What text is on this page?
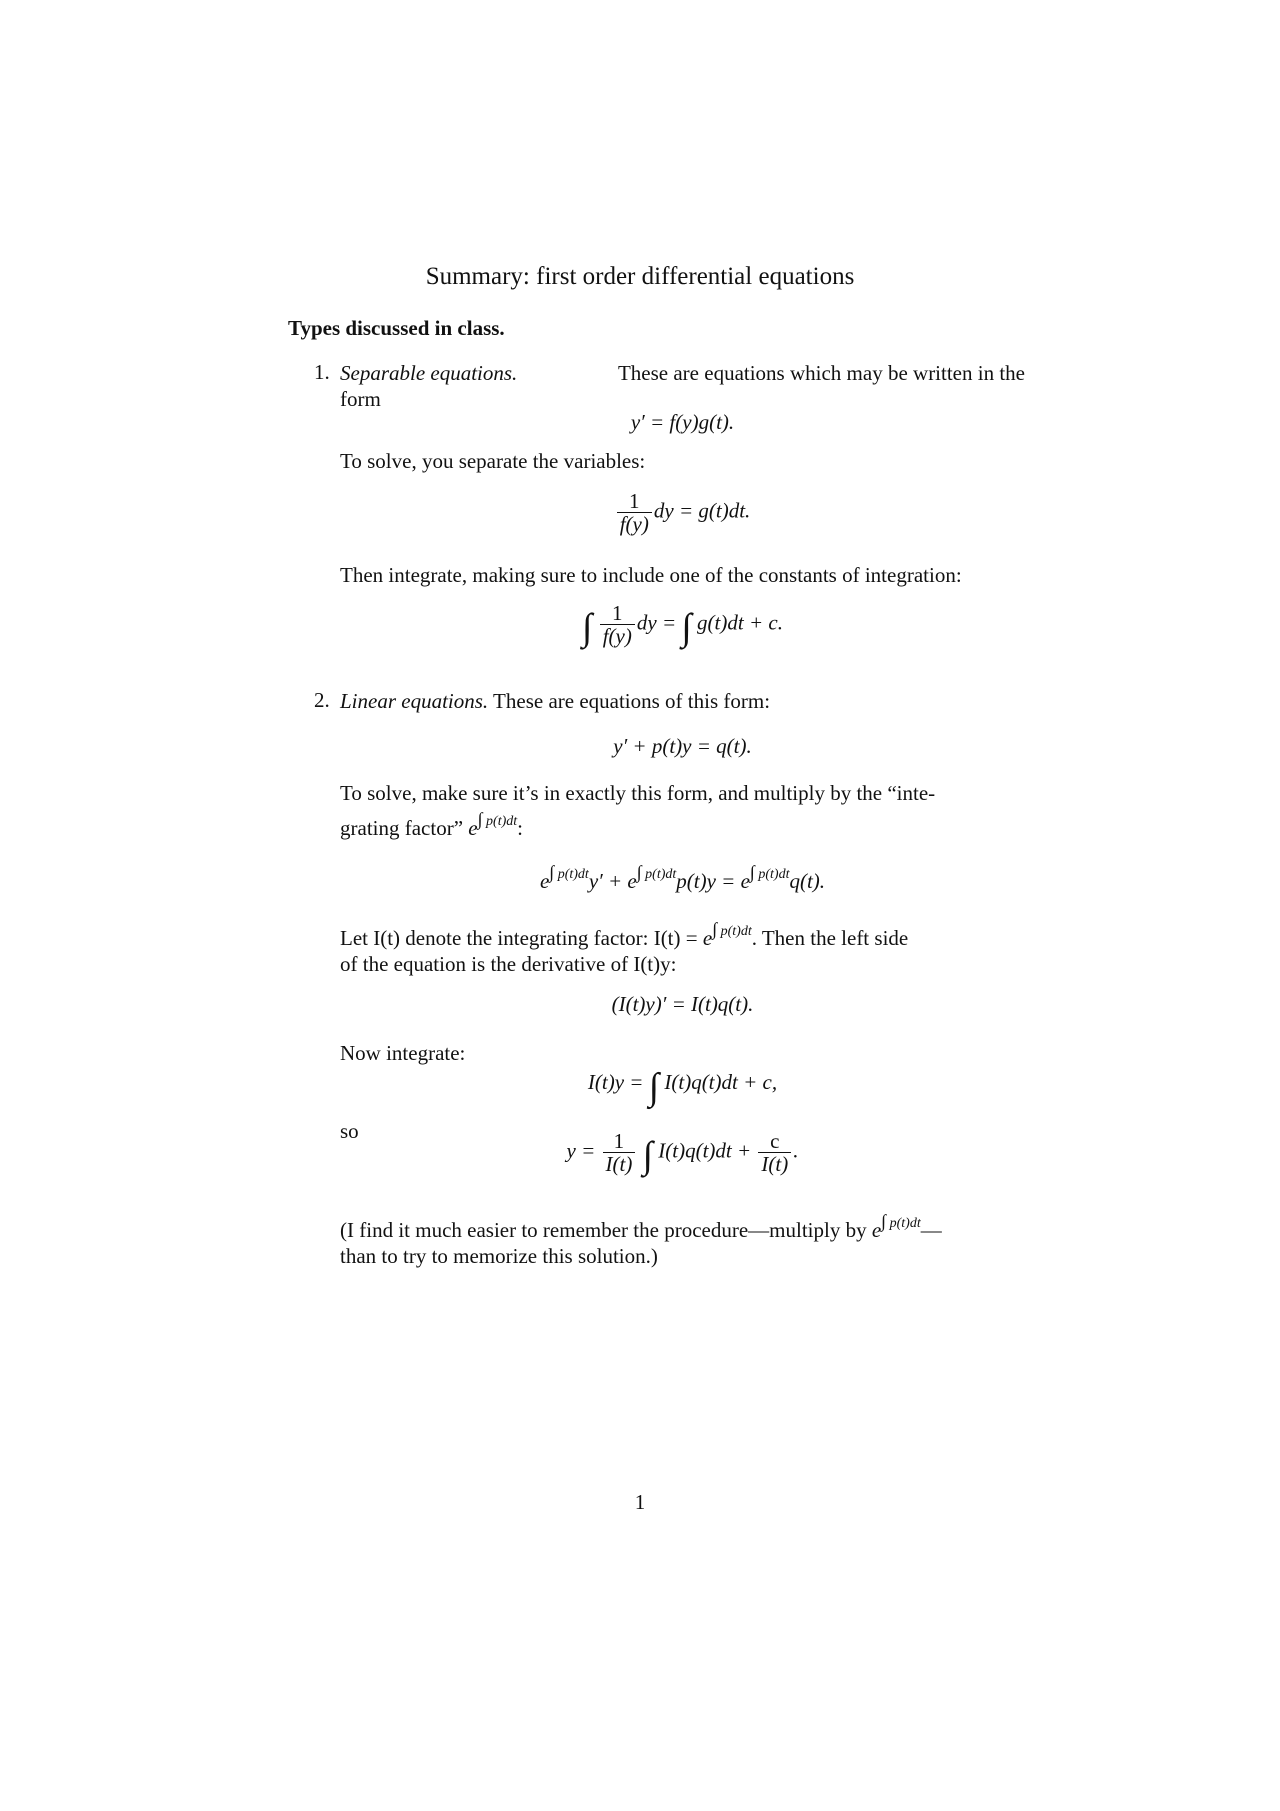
Summary: first order differential equations
Types discussed in class.
1. Separable equations.	These are equations which may be written in the
form
y′ = f(y)g(t).
To solve, you separate the variables:
$\frac{1}{f(y)}$ dy = g(t)dt.
Then integrate, making sure to include one of the constants of integration:
∫ $\frac{1}{f(y)}$ dy = ∫ g(t)dt + c.
2. Linear equations. These are equations of this form:
y′ + p(t)y = q(t).
To solve, make sure it’s in exactly this form, and multiply by the “inte-
grating factor” $e^{\int p(t)dt}$:
$e^{\int p(t)dt}y' + e^{\int p(t)dt}p(t)y = e^{\int p(t)dt}q(t)$.
Let I(t) denote the integrating factor: $I(t) = e^{\int p(t)dt}$. Then the left side
of the equation is the derivative of I(t)y:
(I(t)y)′ = I(t)q(t).
Now integrate:
I(t)y = ∫ I(t)q(t)dt + c,
so
$y = \frac{1}{I(t)}$ ∫ $I(t)q(t)dt + \frac{c}{I(t)}$ .
(I find it much easier to remember the procedure—multiply by $e^{\int p(t)dt}—$
than to try to memorize this solution.)
1
